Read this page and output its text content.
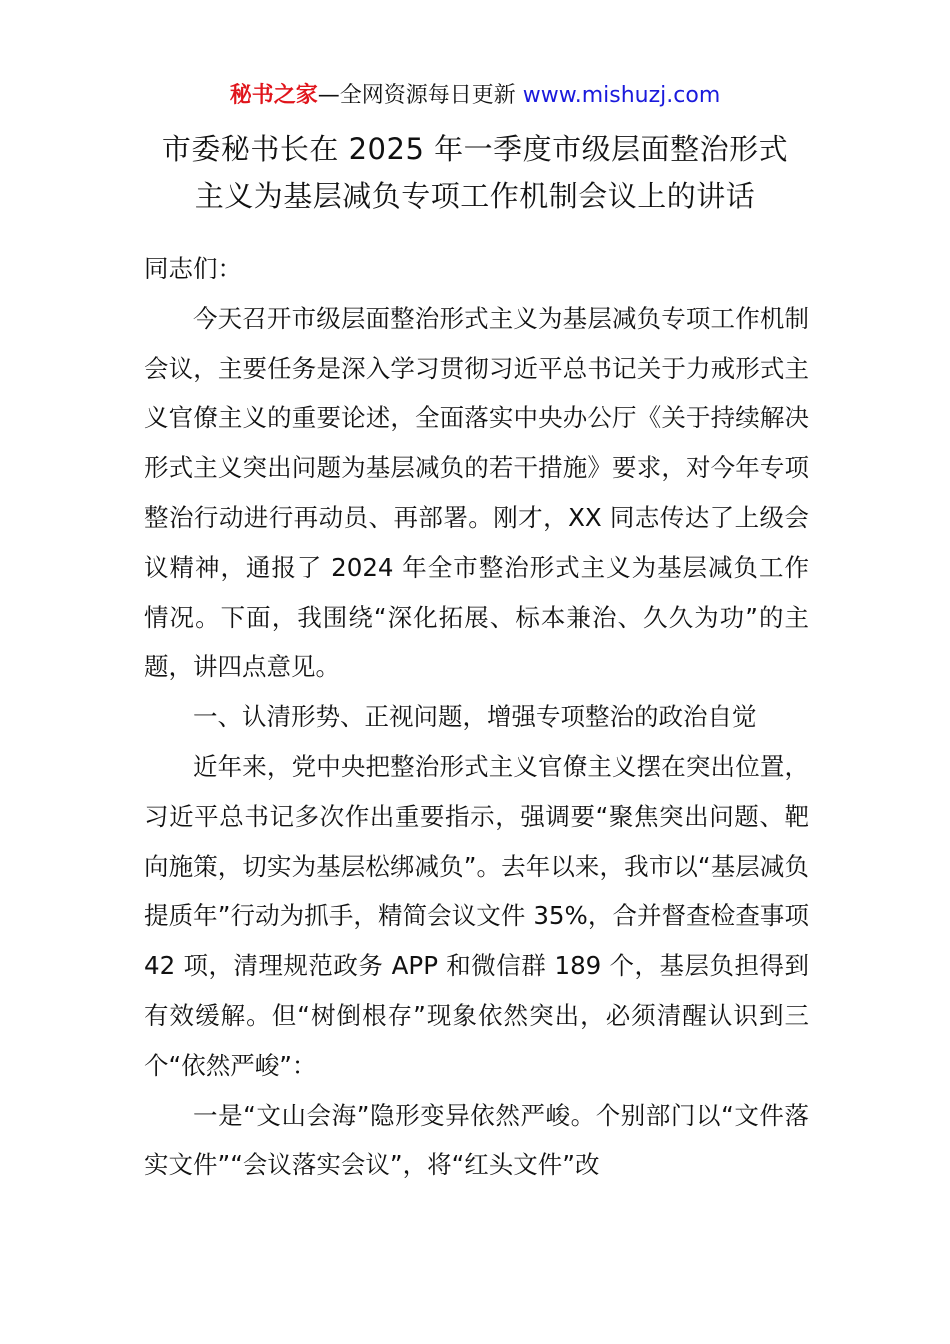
秘书之家—全网资源每日更新 www.mishuzj.com
市委秘书长在 2025 年一季度市级层面整治形式
主义为基层减负专项工作机制会议上的讲话

同志们：

今天召开市级层面整治形式主义为基层减负专项工作机制会议，主要任务是深入学习贯彻习近平总书记关于力戒形式主义官僚主义的重要论述，全面落实中央办公厅《关于持续解决形式主义突出问题为基层减负的若干措施》要求，对今年专项整治行动进行再动员、再部署。刚才，XX 同志传达了上级会议精神，通报了 2024 年全市整治形式主义为基层减负工作情况。下面，我围绕“深化拓展、标本兼治、久久为功”的主题，讲四点意见。

一、认清形势、正视问题，增强专项整治的政治自觉

近年来，党中央把整治形式主义官僚主义摆在突出位置，习近平总书记多次作出重要指示，强调要“聚焦突出问题、靶向施策，切实为基层松绑减负”。去年以来，我市以“基层减负提质年”行动为抓手，精简会议文件 35%，合并督查检查事项 42 项，清理规范政务 APP 和微信群 189 个，基层负担得到有效缓解。但“树倒根存”现象依然突出，必须清醒认识到三个“依然严峻”：

一是“文山会海”隐形变异依然严峻。个别部门以“文件落实文件”“会议落实会议”，将“红头文件”改
